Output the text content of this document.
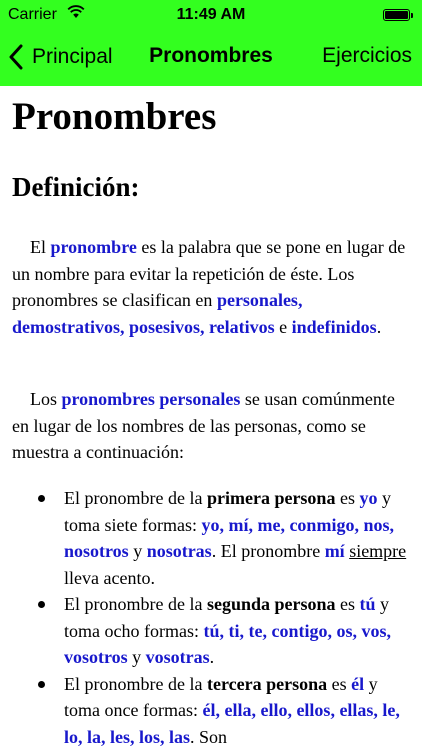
Carrier	11:49 AM
Principal	Pronombres	Ejercicios
Pronombres
Definición:

El pronombre es la palabra que se pone en lugar de un nombre para evitar la repetición de éste. Los pronombres se clasifican en personales, demostrativos, posesivos, relativos e indefinidos.

Los pronombres personales se usan comúnmente en lugar de los nombres de las personas, como se muestra a continuación:

El pronombre de la primera persona es yo y toma siete formas: yo, mí, me, conmigo, nos, nosotros y nosotras. El pronombre mí siempre lleva acento.
El pronombre de la segunda persona es tú y toma ocho formas: tú, ti, te, contigo, os, vos, vosotros y vosotras.
El pronombre de la tercera persona es él y toma once formas: él, ella, ello, ellos, ellas, le, lo, la, les, los, las. Son
